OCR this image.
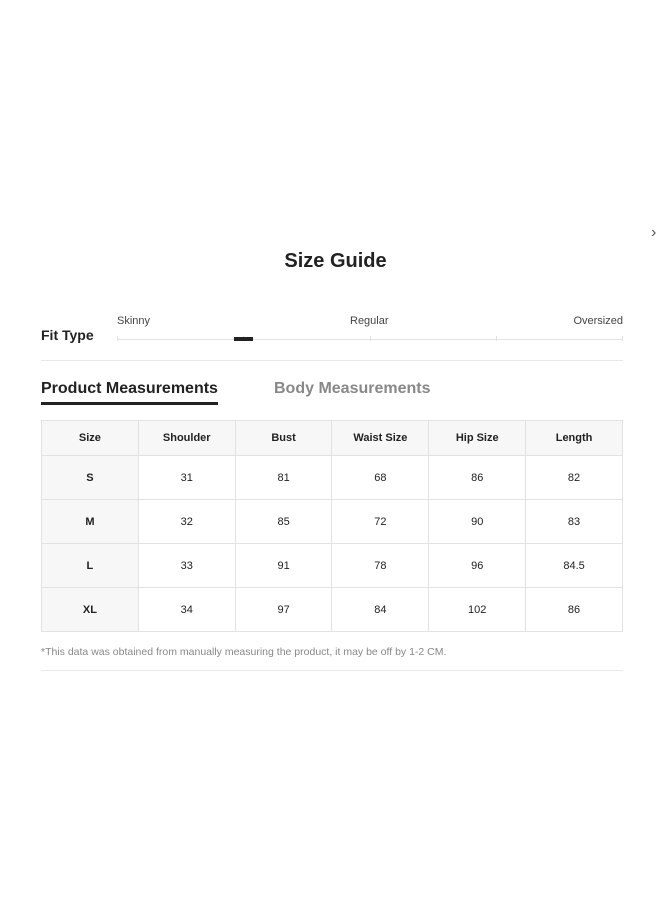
›
Size Guide
Fit Type
Skinny	Regular	Oversized
Product Measurements	Body Measurements
Size	Shoulder	Bust	Waist Size	Hip Size	Length
S	31	81	68	86	82
M	32	85	72	90	83
L	33	91	78	96	84.5
XL	34	97	84	102	86
*This data was obtained from manually measuring the product, it may be off by 1-2 CM.
